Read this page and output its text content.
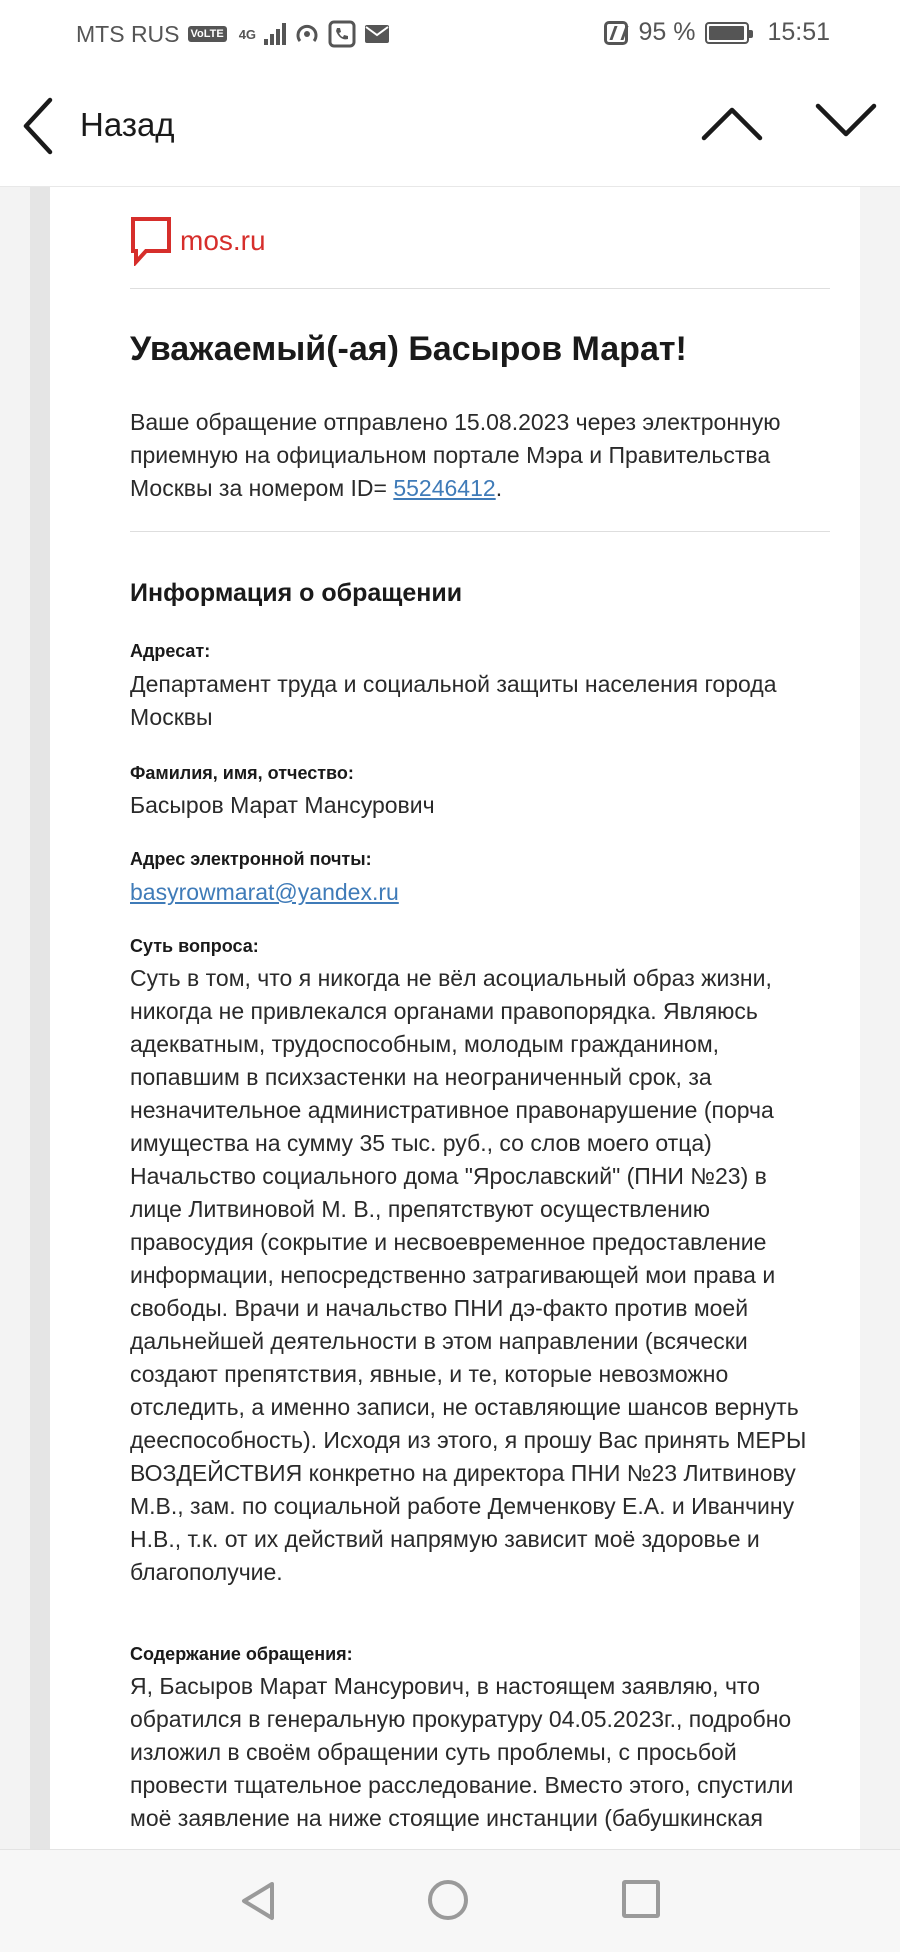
MTS RUS VoLTE 4G	95 %	15:51
Назад
mos.ru
Уважаемый(-ая) Басыров Марат!
Ваше обращение отправлено 15.08.2023 через электронную
приемную на официальном портале Мэра и Правительства
Москвы за номером ID= 55246412.
Информация о обращении
Адресат:
Департамент труда и социальной защиты населения города
Москвы
Фамилия, имя, отчество:
Басыров Марат Мансурович
Адрес электронной почты:
basyrowmarat@yandex.ru
Суть вопроса:
Суть в том, что я никогда не вёл асоциальный образ жизни,
никогда не привлекался органами правопорядка. Являюсь
адекватным, трудоспособным, молодым гражданином,
попавшим в психзастенки на неограниченный срок, за
незначительное административное правонарушение (порча
имущества на сумму 35 тыс. руб., со слов моего отца)
Начальство социального дома "Ярославский" (ПНИ №23) в
лице Литвиновой М. В., препятствуют осуществлению
правосудия (сокрытие и несвоевременное предоставление
информации, непосредственно затрагивающей мои права и
свободы. Врачи и начальство ПНИ дэ-факто против моей
дальнейшей деятельности в этом направлении (всячески
создают препятствия, явные, и те, которые невозможно
отследить, а именно записи, не оставляющие шансов вернуть
дееспособность). Исходя из этого, я прошу Вас принять МЕРЫ
ВОЗДЕЙСТВИЯ конкретно на директора ПНИ №23 Литвинову
М.В., зам. по социальной работе Демченкову Е.А. и Иванчину
Н.В., т.к. от их действий напрямую зависит моё здоровье и
благополучие.
Содержание обращения:
Я, Басыров Марат Мансурович, в настоящем заявляю, что
обратился в генеральную прокуратуру 04.05.2023г., подробно
изложил в своём обращении суть проблемы, с просьбой
провести тщательное расследование. Вместо этого, спустили
моё заявление на ниже стоящие инстанции (бабушкинская
